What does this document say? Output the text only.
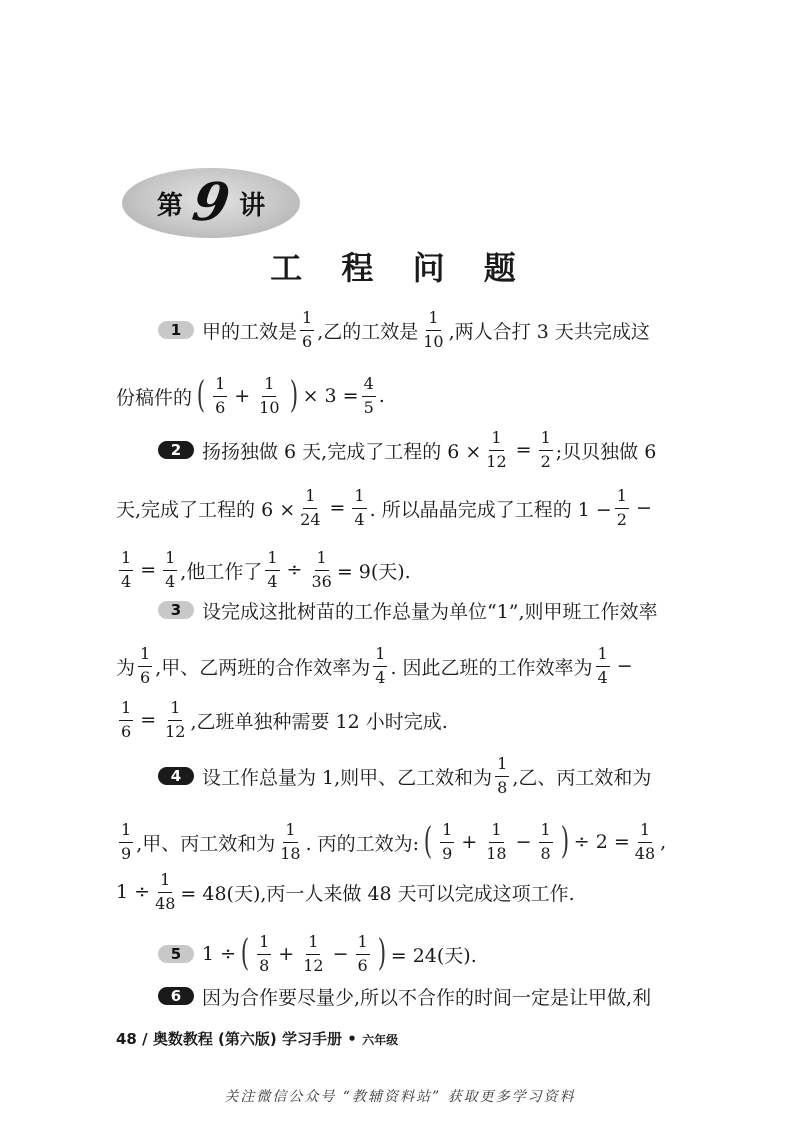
第 9 讲
工 程 问 题
1	甲的工效是 $\frac{1}{6}$ ,乙的工效是 $\frac{1}{10}$ ,两人合打 3 天共完成这
份稿件的 ( $\frac{1}{6} + \frac{1}{10}$ ) × $3 = \frac{4}{5}$ .
2	扬扬独做 6 天,完成了工程的 $6 \times \frac{1}{12} = \frac{1}{2}$ ;贝贝独做 6
天,完成了工程的 $6 \times \frac{1}{24} = \frac{1}{4}$ . 所以晶晶完成了工程的 $1 - \frac{1}{2}$ −
$\frac{1}{4} = \frac{1}{4}$ ,他工作了 $\frac{1}{4} \div \frac{1}{36} = 9$(天).
3	设完成这批树苗的工作总量为单位“1”,则甲班工作效率
为 $\frac{1}{6}$ ,甲、乙两班的合作效率为 $\frac{1}{4}$ . 因此乙班的工作效率为 $\frac{1}{4}$ −
$\frac{1}{6} = \frac{1}{12}$ ,乙班单独种需要 12 小时完成.
4	设工作总量为 1,则甲、乙工效和为 $\frac{1}{8}$ ,乙、丙工效和为
$\frac{1}{9}$ ,甲、丙工效和为 $\frac{1}{18}$ . 丙的工效为: ( $\frac{1}{9} + \frac{1}{18} - \frac{1}{8}$ ) ÷ $2 = \frac{1}{48}$ ,
$1 \div \frac{1}{48} = 48$(天),丙一人来做 48 天可以完成这项工作.
5	1 ÷ ( $\frac{1}{8} + \frac{1}{12} - \frac{1}{6}$ ) = 24(天).
6	因为合作要尽量少,所以不合作的时间一定是让甲做,利
48 / 奥数教程 (第六版) 学习手册 • 六年级
关注微信公众号 “教辅资料站” 获取更多学习资料
